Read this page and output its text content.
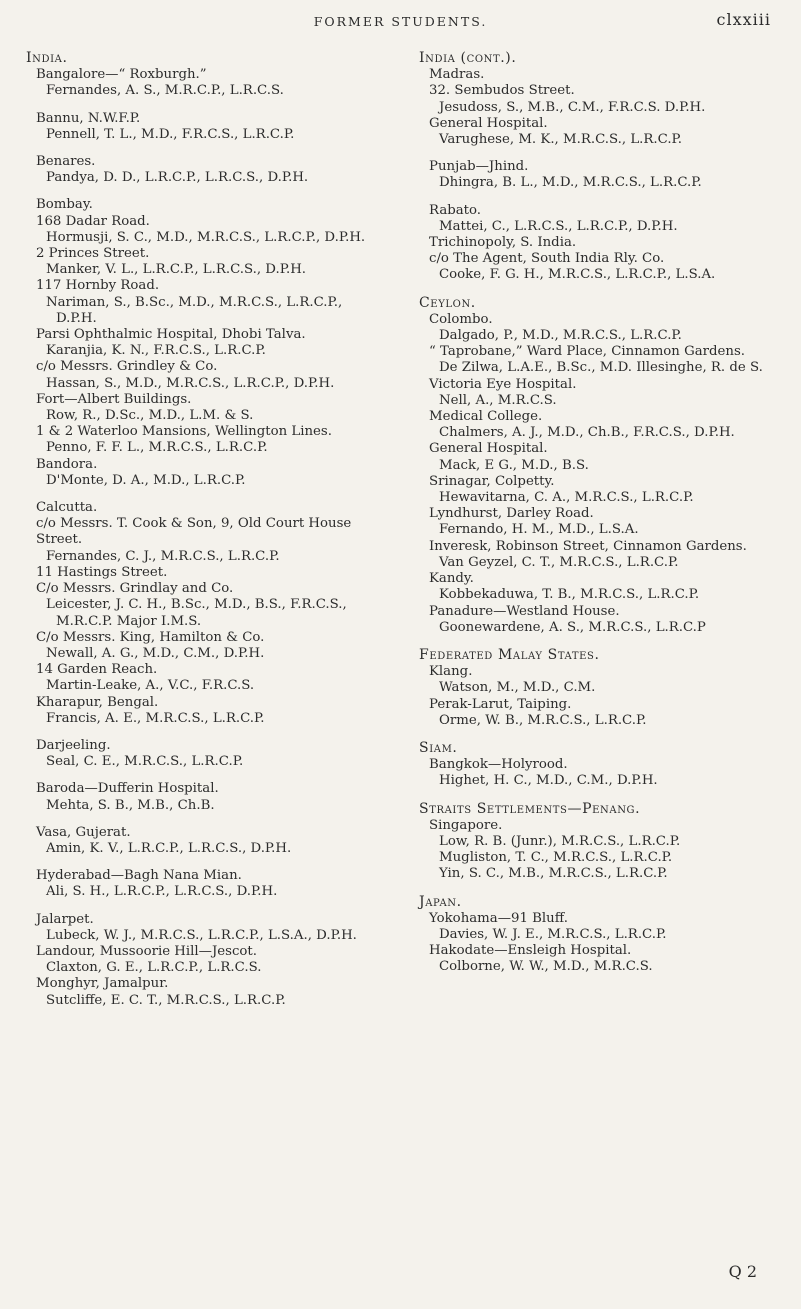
FORMER STUDENTS.	clxxiii
India.
Bangalore—“ Roxburgh.”
Fernandes, A. S., M.R.C.P., L.R.C.S.
Bannu, N.W.F.P.
Pennell, T. L., M.D., F.R.C.S., L.R.C.P.
Benares.
Pandya, D. D., L.R.C.P., L.R.C.S., D.P.H.
Bombay.
168 Dadar Road.
Hormusji, S. C., M.D., M.R.C.S., L.R.C.P., D.P.H.
2 Princes Street.
Manker, V. L., L.R.C.P., L.R.C.S., D.P.H.
117 Hornby Road.
Nariman, S., B.Sc., M.D., M.R.C.S., L.R.C.P., D.P.H.
Parsi Ophthalmic Hospital, Dhobi Talva.
Karanjia, K. N., F.R.C.S., L.R.C.P.
c/o Messrs. Grindley & Co.
Hassan, S., M.D., M.R.C.S., L.R.C.P., D.P.H.
Fort—Albert Buildings.
Row, R., D.Sc., M.D., L.M. & S.
1 & 2 Waterloo Mansions, Wellington Lines.
Penno, F. F. L., M.R.C.S., L.R.C.P.
Bandora.
D'Monte, D. A., M.D., L.R.C.P.
Calcutta.
c/o Messrs. T. Cook & Son, 9, Old Court House Street.
Fernandes, C. J., M.R.C.S., L.R.C.P.
11 Hastings Street.
C/o Messrs. Grindlay and Co.
Leicester, J. C. H., B.Sc., M.D., B.S., F.R.C.S., M.R.C.P. Major I.M.S.
C/o Messrs. King, Hamilton & Co.
Newall, A. G., M.D., C.M., D.P.H.
14 Garden Reach.
Martin-Leake, A., V.C., F.R.C.S.
Kharapur, Bengal.
Francis, A. E., M.R.C.S., L.R.C.P.
Darjeeling.
Seal, C. E., M.R.C.S., L.R.C.P.
Baroda—Dufferin Hospital.
Mehta, S. B., M.B., Ch.B.
Vasa, Gujerat.
Amin, K. V., L.R.C.P., L.R.C.S., D.P.H.
Hyderabad—Bagh Nana Mian.
Ali, S. H., L.R.C.P., L.R.C.S., D.P.H.
Jalarpet.
Lubeck, W. J., M.R.C.S., L.R.C.P., L.S.A., D.P.H.
Landour, Mussoorie Hill—Jescot.
Claxton, G. E., L.R.C.P., L.R.C.S.
Monghyr, Jamalpur.
Sutcliffe, E. C. T., M.R.C.S., L.R.C.P.
India (cont.).
Madras.
32. Sembudos Street.
Jesudoss, S., M.B., C.M., F.R.C.S. D.P.H.
General Hospital.
Varughese, M. K., M.R.C.S., L.R.C.P.
Punjab—Jhind.
Dhingra, B. L., M.D., M.R.C.S., L.R.C.P.
Rabato.
Mattei, C., L.R.C.S., L.R.C.P., D.P.H.
Trichinopoly, S. India.
c/o The Agent, South India Rly. Co.
Cooke, F. G. H., M.R.C.S., L.R.C.P., L.S.A.
Ceylon.
Colombo.
Dalgado, P., M.D., M.R.C.S., L.R.C.P.
“ Taprobane,” Ward Place, Cinnamon Gardens.
De Zilwa, L.A.E., B.Sc., M.D. Illesinghe, R. de S.
Victoria Eye Hospital.
Nell, A., M.R.C.S.
Medical College.
Chalmers, A. J., M.D., Ch.B., F.R.C.S., D.P.H.
General Hospital.
Mack, E G., M.D., B.S.
Srinagar, Colpetty.
Hewavitarna, C. A., M.R.C.S., L.R.C.P.
Lyndhurst, Darley Road.
Fernando, H. M., M.D., L.S.A.
Inveresk, Robinson Street, Cinnamon Gardens.
Van Geyzel, C. T., M.R.C.S., L.R.C.P.
Kandy.
Kobbekaduwa, T. B., M.R.C.S., L.R.C.P.
Panadure—Westland House.
Goonewardene, A. S., M.R.C.S., L.R.C.P
Federated Malay States.
Klang.
Watson, M., M.D., C.M.
Perak-Larut, Taiping.
Orme, W. B., M.R.C.S., L.R.C.P.
Siam.
Bangkok—Holyrood.
Highet, H. C., M.D., C.M., D.P.H.
Straits Settlements—Penang.
Singapore.
Low, R. B. (Junr.), M.R.C.S., L.R.C.P.
Mugliston, T. C., M.R.C.S., L.R.C.P.
Yin, S. C., M.B., M.R.C.S., L.R.C.P.
Japan.
Yokohama—91 Bluff.
Davies, W. J. E., M.R.C.S., L.R.C.P.
Hakodate—Ensleigh Hospital.
Colborne, W. W., M.D., M.R.C.S.
Q 2
